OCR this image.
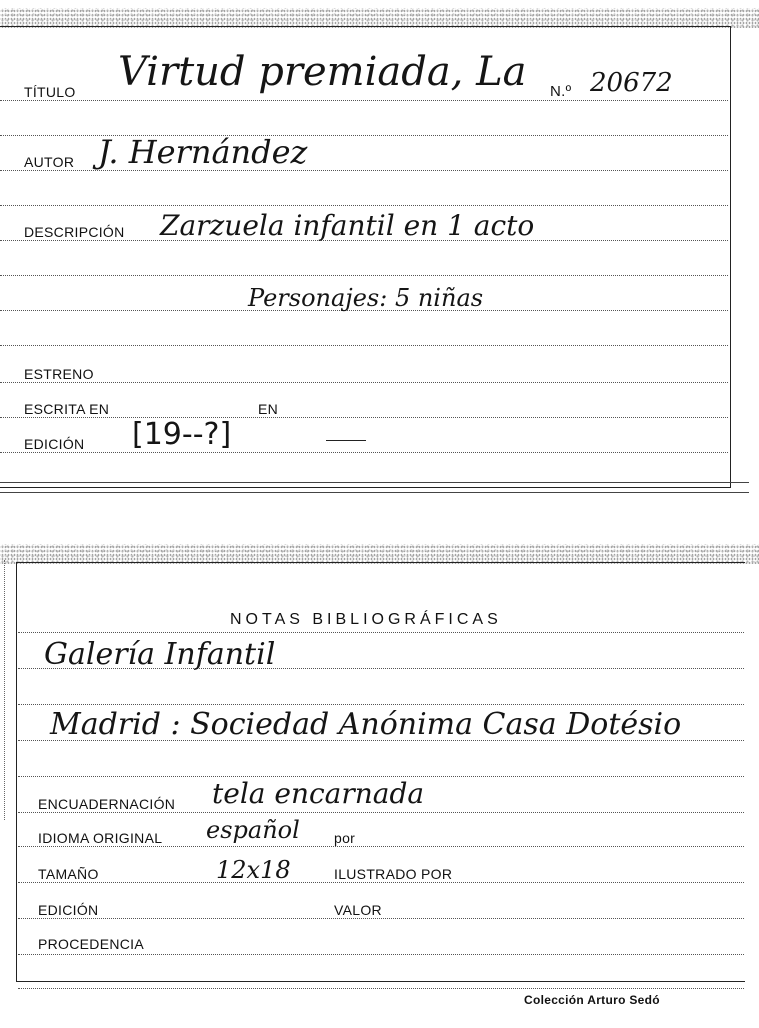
TÍTULO Virtud premiada, La N.º 20672
AUTOR J. Hernández
DESCRIPCIÓN Zarzuela infantil en 1 acto
Personajes: 5 niñas
ESTRENO
ESCRITA EN	EN
EDICIÓN [19--?]
NOTAS BIBLIOGRÁFICAS
Galería Infantil
Madrid : Sociedad Anónima Casa Dotésio
ENCUADERNACIÓN tela encarnada
IDIOMA ORIGINAL español por
TAMAÑO	12x18	ILUSTRADO POR
EDICIÓN	VALOR
PROCEDENCIA
Colección Arturo Sedó
